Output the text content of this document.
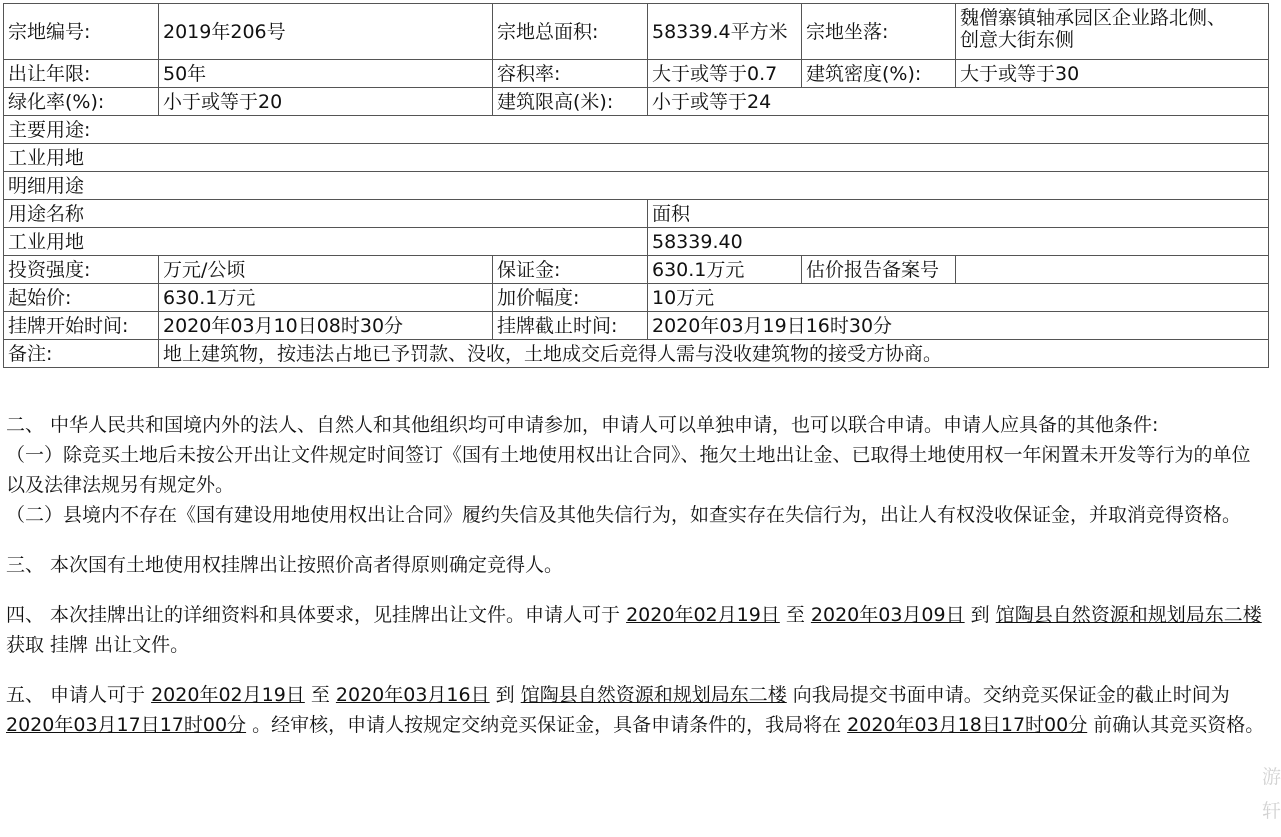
宗地编号:	2019年206号	宗地总面积:	58339.4平方米	宗地坐落:	魏僧寨镇轴承园区企业路北侧、
创意大街东侧
出让年限:	50年	容积率:	大于或等于0.7	建筑密度(%):	大于或等于30
绿化率(%):	小于或等于20	建筑限高(米):	小于或等于24		
主要用途:					
工业用地					
明细用途					
用途名称			面积		
工业用地			58339.40		
投资强度:	万元/公顷	保证金:	630.1万元	估价报告备案号	
起始价:	630.1万元	加价幅度:	10万元		
挂牌开始时间:	2020年03月10日08时30分	挂牌截止时间:	2020年03月19日16时30分		
备注:	地上建筑物，按违法占地已予罚款、没收，土地成交后竞得人需与没收建筑物的接受方协商。				

二、 中华人民共和国境内外的法人、自然人和其他组织均可申请参加，申请人可以单独申请，也可以联合申请。申请人应具备的其他条件:

（一）除竞买土地后未按公开出让文件规定时间签订《国有土地使用权出让合同》、拖欠土地出让金、已取得土地使用权一年闲置未开发等行为的单位以及法律法规另有规定外。

（二）县境内不存在《国有建设用地使用权出让合同》履约失信及其他失信行为，如查实存在失信行为，出让人有权没收保证金，并取消竞得资格。

三、 本次国有土地使用权挂牌出让按照价高者得原则确定竞得人。

四、 本次挂牌出让的详细资料和具体要求，见挂牌出让文件。申请人可于 2020年02月19日 至 2020年03月09日 到 馆陶县自然资源和规划局东二楼 获取 挂牌 出让文件。

五、 申请人可于 2020年02月19日 至 2020年03月16日 到 馆陶县自然资源和规划局东二楼 向我局提交书面申请。交纳竞买保证金的截止时间为2020年03月17日17时00分 。经审核，申请人按规定交纳竞买保证金，具备申请条件的，我局将在 2020年03月18日17时00分 前确认其竞买资格。

游轩
